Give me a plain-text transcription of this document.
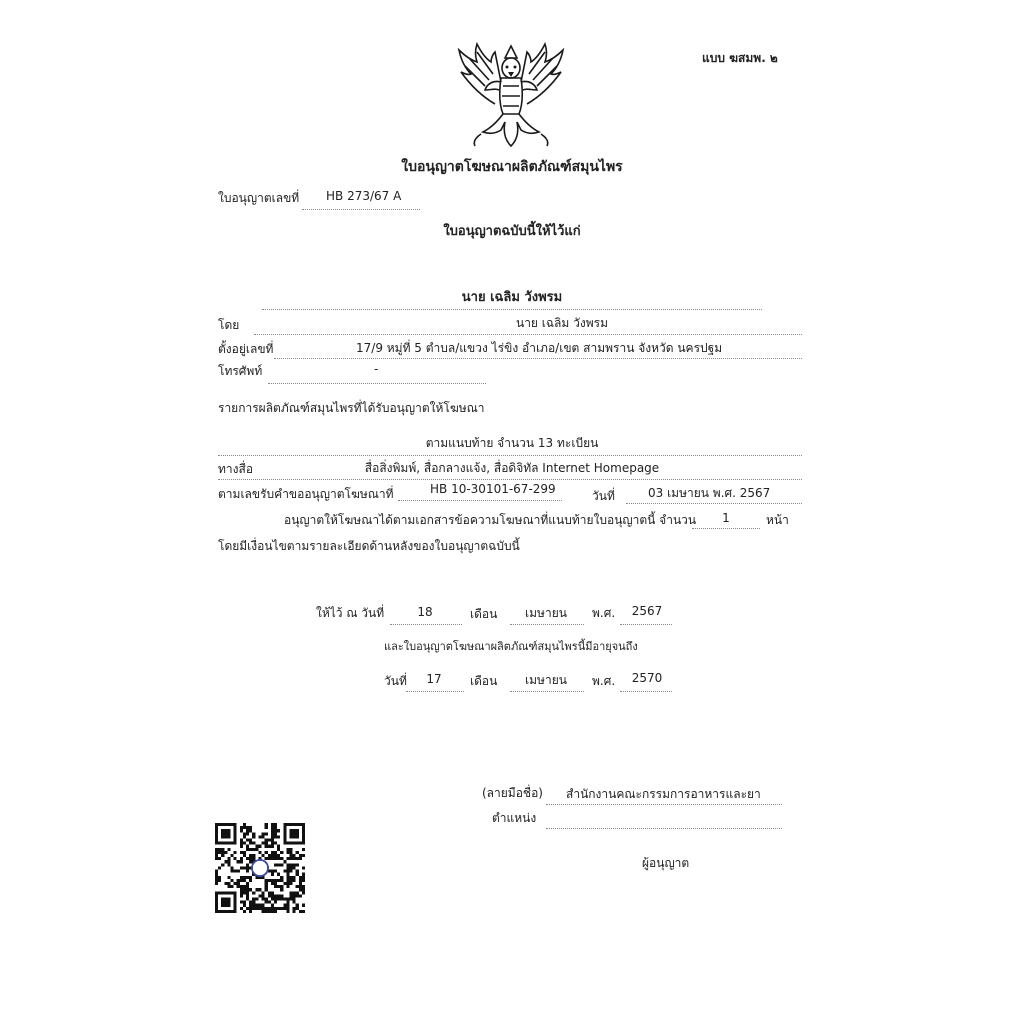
แบบ ฆสมพ. ๒
ใบอนุญาตโฆษณาผลิตภัณฑ์สมุนไพร
ใบอนุญาตเลขที่ HB 273/67 A
ใบอนุญาตฉบับนี้ให้ไว้แก่
นาย เฉลิม วังพรม
โดย	นาย เฉลิม วังพรม
ตั้งอยู่เลขที่	17/9 หมู่ที่ 5 ตำบล/แขวง ไร่ขิง อำเภอ/เขต สามพราน จังหวัด นครปฐม
โทรศัพท์	-
รายการผลิตภัณฑ์สมุนไพรที่ได้รับอนุญาตให้โฆษณา
ตามแนบท้าย จำนวน 13 ทะเบียน
ทางสื่อ	สื่อสิ่งพิมพ์, สื่อกลางแจ้ง, สื่อดิจิทัล Internet Homepage
ตามเลขรับคำขออนุญาตโฆษณาที่	HB 10-30101-67-299	วันที่	03 เมษายน พ.ศ. 2567
อนุญาตให้โฆษณาได้ตามเอกสารข้อความโฆษณาที่แนบท้ายใบอนุญาตนี้ จำนวน	1	หน้า
โดยมีเงื่อนไขตามรายละเอียดด้านหลังของใบอนุญาตฉบับนี้
ให้ไว้ ณ วันที่	18	เดือน	เมษายน	พ.ศ.	2567
และใบอนุญาตโฆษณาผลิตภัณฑ์สมุนไพรนี้มีอายุจนถึง
วันที่	17	เดือน	เมษายน	พ.ศ.	2570
(ลายมือชื่อ) สำนักงานคณะกรรมการอาหารและยา
ตำแหน่ง
ผู้อนุญาต
